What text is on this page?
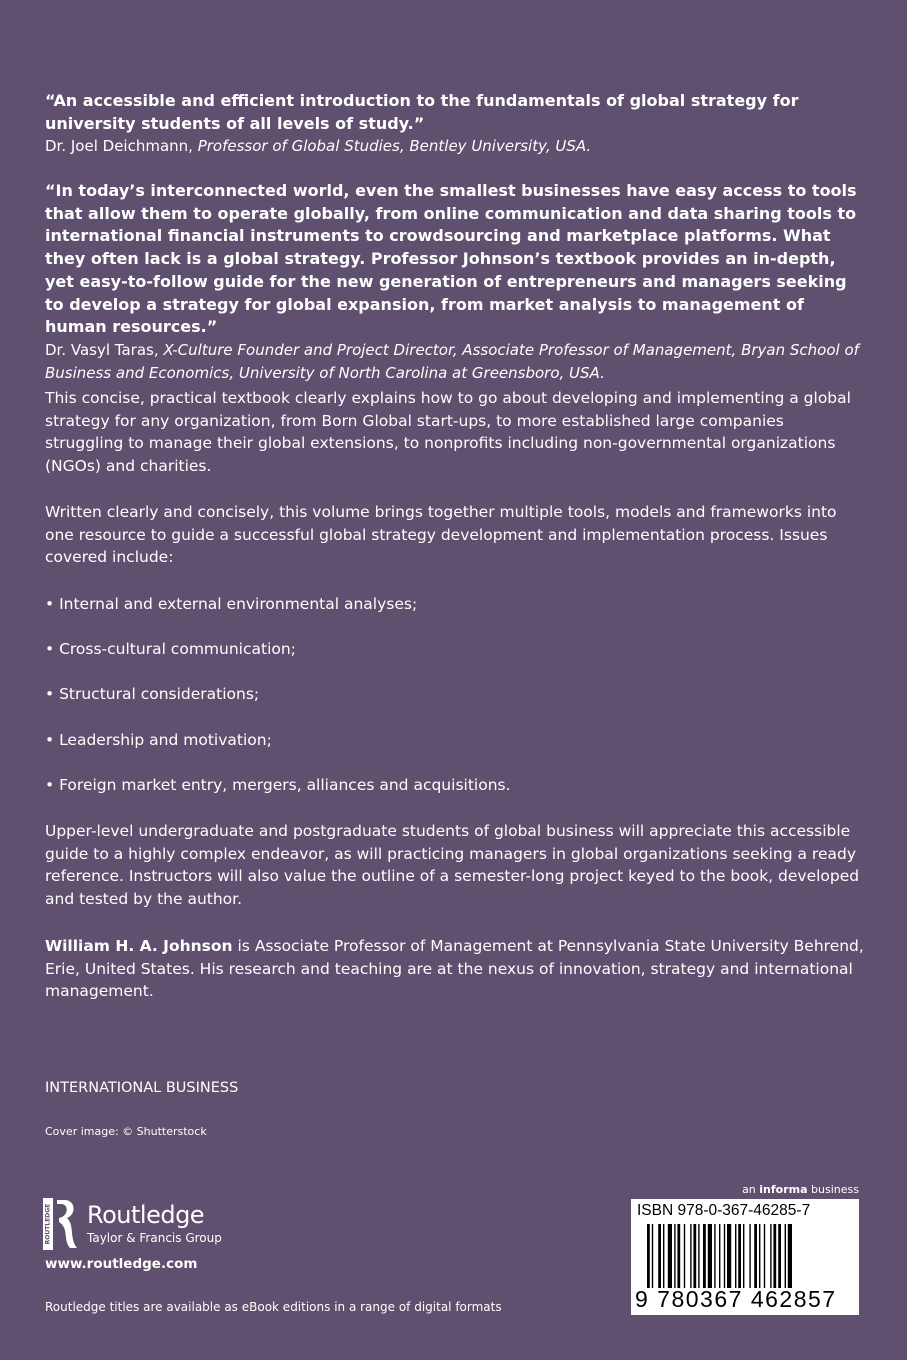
“An accessible and efficient introduction to the fundamentals of global strategy for university students of all levels of study.”
Dr. Joel Deichmann, Professor of Global Studies, Bentley University, USA.
“In today’s interconnected world, even the smallest businesses have easy access to tools that allow them to operate globally, from online communication and data sharing tools to international financial instruments to crowdsourcing and marketplace platforms. What they often lack is a global strategy. Professor Johnson’s textbook provides an in-depth, yet easy-to-follow guide for the new generation of entrepreneurs and managers seeking to develop a strategy for global expansion, from market analysis to management of human resources.”
Dr. Vasyl Taras, X-Culture Founder and Project Director, Associate Professor of Management, Bryan School of Business and Economics, University of North Carolina at Greensboro, USA.
This concise, practical textbook clearly explains how to go about developing and implementing a global strategy for any organization, from Born Global start-ups, to more established large companies struggling to manage their global extensions, to nonprofits including non-governmental organizations (NGOs) and charities.
Written clearly and concisely, this volume brings together multiple tools, models and frameworks into one resource to guide a successful global strategy development and implementation process. Issues covered include:
• Internal and external environmental analyses;
• Cross-cultural communication;
• Structural considerations;
• Leadership and motivation;
• Foreign market entry, mergers, alliances and acquisitions.
Upper-level undergraduate and postgraduate students of global business will appreciate this accessible guide to a highly complex endeavor, as will practicing managers in global organizations seeking a ready reference. Instructors will also value the outline of a semester-long project keyed to the book, developed and tested by the author.
William H. A. Johnson is Associate Professor of Management at Pennsylvania State University Behrend, Erie, United States. His research and teaching are at the nexus of innovation, strategy and international management.
INTERNATIONAL BUSINESS
Cover image: © Shutterstock
ROUTLEDGE Routledge
Taylor & Francis Group
www.routledge.com
Routledge titles are available as eBook editions in a range of digital formats
an informa business
ISBN 978-0-367-46285-7
9 780367 462857
